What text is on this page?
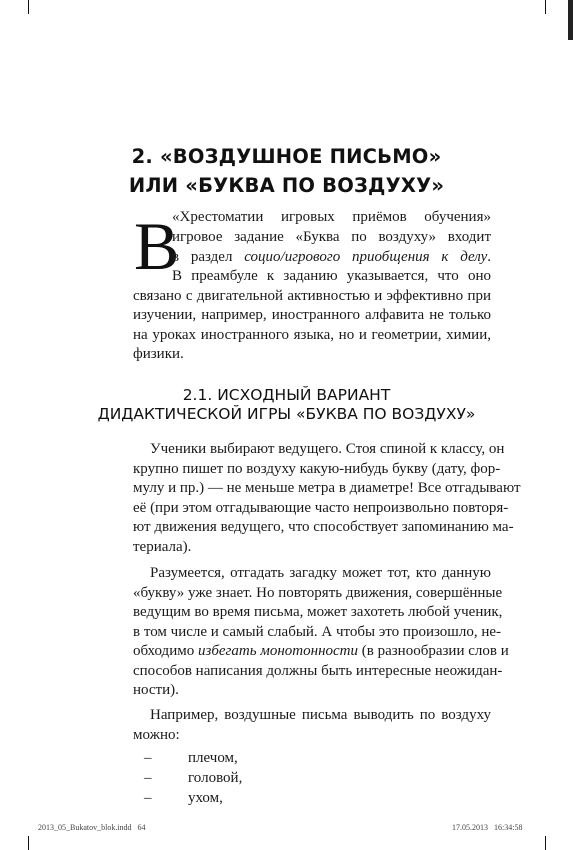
2. «ВОЗДУШНОЕ ПИСЬМО»
ИЛИ «БУКВА ПО ВОЗДУХУ»
В
«Хрестоматии игровых приёмов обучения»
игровое задание «Буква по воздуху» входит
в раздел социо/игрового приобщения к делу.
В преамбуле к заданию указывается, что оно
связано с двигательной активностью и эффективно при
изучении, например, иностранного алфавита не только
на уроках иностранного языка, но и геометрии, химии,
физики.
2.1. ИСХОДНЫЙ ВАРИАНТ
ДИДАКТИЧЕСКОЙ ИГРЫ «БУКВА ПО ВОЗДУХУ»
Ученики выбирают ведущего. Стоя спиной к классу, он
крупно пишет по воздуху какую-нибудь букву (дату, фор-
мулу и пр.) — не меньше метра в диаметре! Все отгадывают
её (при этом отгадывающие часто непроизвольно повторя-
ют движения ведущего, что способствует запоминанию ма-
териала).
Разумеется, отгадать загадку может тот, кто данную
«букву» уже знает. Но повторять движения, совершённые
ведущим во время письма, может захотеть любой ученик,
в том числе и самый слабый. А чтобы это произошло, не-
обходимо избегать монотонности (в разнообразии слов и
способов написания должны быть интересные неожидан-
ности).
Например, воздушные письма выводить по воздуху
можно:
– плечом,
– головой,
– ухом,
2013_05_Bukatov_blok.indd   64	17.05.2013   16:34:58
